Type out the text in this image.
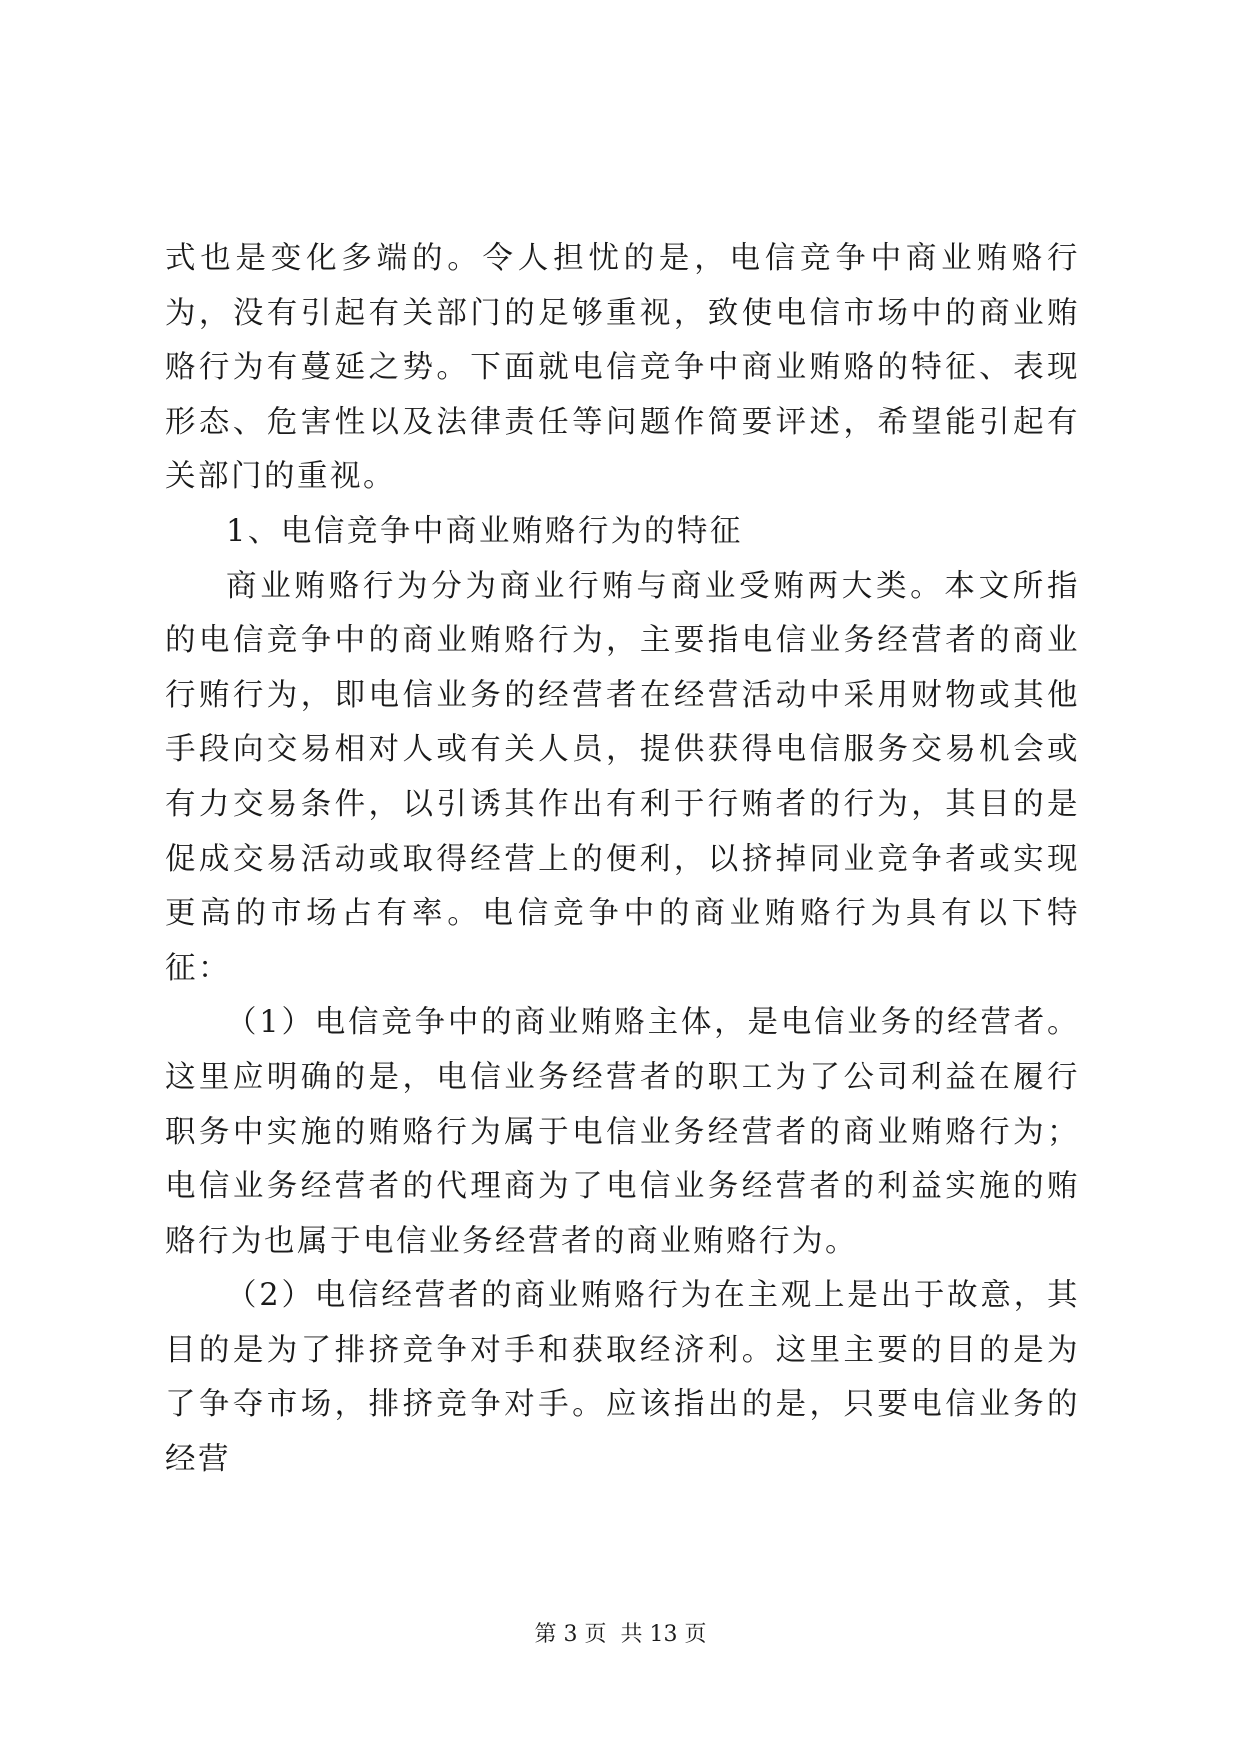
式也是变化多端的。令人担忧的是，电信竞争中商业贿赂行为，没有引起有关部门的足够重视，致使电信市场中的商业贿赂行为有蔓延之势。下面就电信竞争中商业贿赂的特征、表现形态、危害性以及法律责任等问题作简要评述，希望能引起有关部门的重视。

1、电信竞争中商业贿赂行为的特征

商业贿赂行为分为商业行贿与商业受贿两大类。本文所指的电信竞争中的商业贿赂行为，主要指电信业务经营者的商业行贿行为，即电信业务的经营者在经营活动中采用财物或其他手段向交易相对人或有关人员，提供获得电信服务交易机会或有力交易条件，以引诱其作出有利于行贿者的行为，其目的是促成交易活动或取得经营上的便利，以挤掉同业竞争者或实现更高的市场占有率。电信竞争中的商业贿赂行为具有以下特征：

（1）电信竞争中的商业贿赂主体，是电信业务的经营者。这里应明确的是，电信业务经营者的职工为了公司利益在履行职务中实施的贿赂行为属于电信业务经营者的商业贿赂行为；电信业务经营者的代理商为了电信业务经营者的利益实施的贿赂行为也属于电信业务经营者的商业贿赂行为。

（2）电信经营者的商业贿赂行为在主观上是出于故意，其目的是为了排挤竞争对手和获取经济利。这里主要的目的是为了争夺市场，排挤竞争对手。应该指出的是，只要电信业务的经营

第 3 页  共 13 页
